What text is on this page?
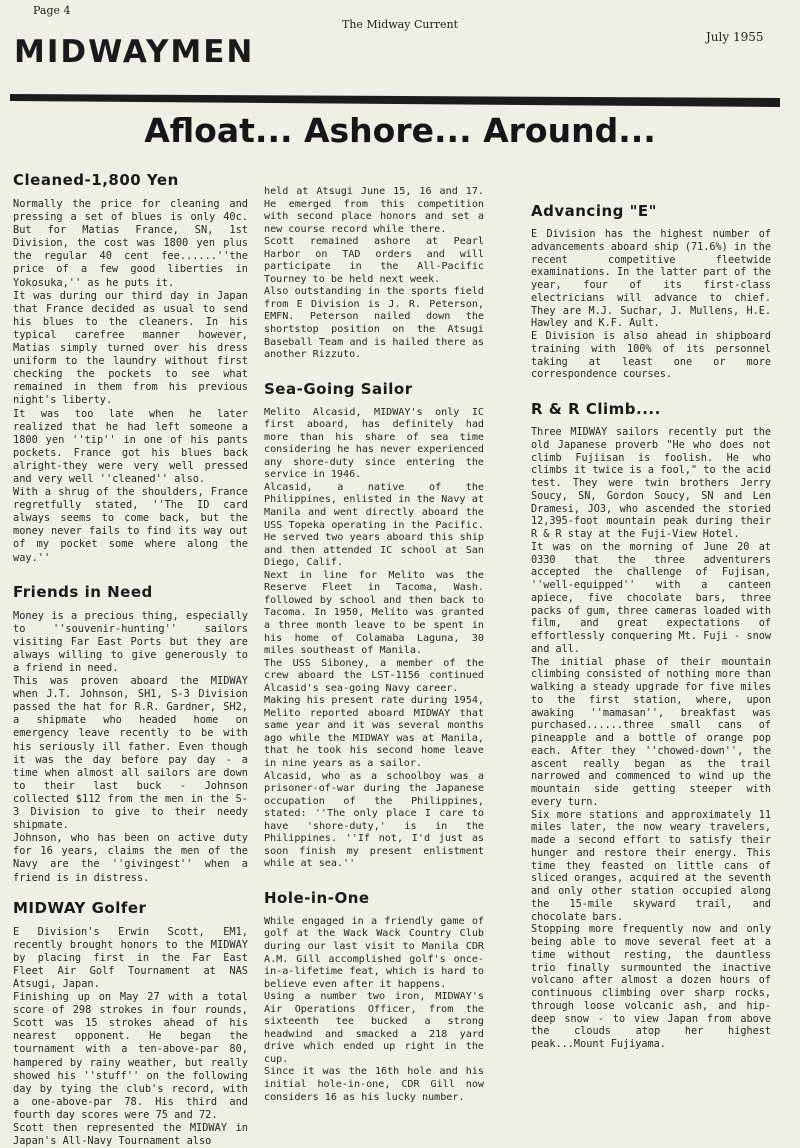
Page 4
The Midway Current
July 1955
MIDWAYMEN
Afloat... Ashore... Around...
Cleaned-1,800 Yen

Normally the price for cleaning and pressing a set of blues is only 40c. But for Matias France, SN, 1st Division, the cost was 1800 yen plus the regular 40 cent fee......''the price of a few good liberties in Yokosuka,'' as he puts it.
It was during our third day in Japan that France decided as usual to send his blues to the cleaners. In his typical carefree manner however, Matias simply turned over his dress uniform to the laundry without first checking the pockets to see what remained in them from his previous night's liberty.
It was too late when he later realized that he had left someone a 1800 yen ''tip'' in one of his pants pockets. France got his blues back alright-they were very well pressed and very well ''cleaned'' also.
With a shrug of the shoulders, France regretfully stated, ''The ID card always seems to come back, but the money never fails to find its way out of my pocket some where along the way.''

Friends in Need

Money is a precious thing, especially to ''souvenir-hunting'' sailors visiting Far East Ports but they are always willing to give generously to a friend in need.
This was proven aboard the MIDWAY when J.T. Johnson, SH1, S-3 Division passed the hat for R.R. Gardner, SH2, a shipmate who headed home on emergency leave recently to be with his seriously ill father. Even though it was the day before pay day - a time when almost all sailors are down to their last buck - Johnson collected $112 from the men in the S-3 Division to give to their needy shipmate.
Johnson, who has been on active duty for 16 years, claims the men of the Navy are the ''givingest'' when a friend is in distress.

MIDWAY Golfer

E Division's Erwin Scott, EM1, recently brought honors to the MIDWAY by placing first in the Far East Fleet Air Golf Tournament at NAS Atsugi, Japan.
Finishing up on May 27 with a total score of 298 strokes in four rounds, Scott was 15 strokes ahead of his nearest opponent. He began the tournament with a ten-above-par 80, hampered by rainy weather, but really showed his ''stuff'' on the following day by tying the club's record, with a one-above-par 78. His third and fourth day scores were 75 and 72.
Scott then represented the MIDWAY in Japan's All-Navy Tournament also

held at Atsugi June 15, 16 and 17. He emerged from this competition with second place honors and set a new course record while there.
Scott remained ashore at Pearl Harbor on TAD orders and will participate in the All-Pacific Tourney to be held next week.
Also outstanding in the sports field from E Division is J. R. Peterson, EMFN. Peterson nailed down the shortstop position on the Atsugi Baseball Team and is hailed there as another Rizzuto.

Sea-Going Sailor

Melito Alcasid, MIDWAY's only IC first aboard, has definitely had more than his share of sea time considering he has never experienced any shore-duty since entering the service in 1946.
Alcasid, a native of the Philippines, enlisted in the Navy at Manila and went directly aboard the USS Topeka operating in the Pacific. He served two years aboard this ship and then attended IC school at San Diego, Calif.
Next in line for Melito was the Reserve Fleet in Tacoma, Wash. followed by school and then back to Tacoma. In 1950, Melito was granted a three month leave to be spent in his home of Colamaba Laguna, 30 miles southeast of Manila.
The USS Siboney, a member of the crew aboard the LST-1156 continued Alcasid's sea-going Navy career.
Making his present rate during 1954, Melito reported aboard MIDWAY that same year and it was several months ago while the MIDWAY was at Manila, that he took his second home leave in nine years as a sailor.
Alcasid, who as a schoolboy was a prisoner-of-war during the Japanese occupation of the Philippines, stated: ''The only place I care to have 'shore-duty,' is in the Philippines. ''If not, I'd just as soon finish my present enlistment while at sea.''

Hole-in-One

While engaged in a friendly game of golf at the Wack Wack Country Club during our last visit to Manila CDR A.M. Gill accomplished golf's once-in-a-lifetime feat, which is hard to believe even after it happens.
Using a number two iron, MIDWAY's Air Operations Officer, from the sixteenth tee bucked a strong headwind and smacked a 218 yard drive which ended up right in the cup.
Since it was the 16th hole and his initial hole-in-one, CDR Gill now considers 16 as his lucky number.

Advancing "E"

E Division has the highest number of advancements aboard ship (71.6%) in the recent competitive fleetwide examinations. In the latter part of the year, four of its first-class electricians will advance to chief. They are M.J. Suchar, J. Mullens, H.E. Hawley and K.F. Ault.
E Division is also ahead in shipboard training with 100% of its personnel taking at least one or more correspondence courses.

R & R Climb....

Three MIDWAY sailors recently put the old Japanese proverb "He who does not climb Fujiisan is foolish. He who climbs it twice is a fool," to the acid test. They were twin brothers Jerry Soucy, SN, Gordon Soucy, SN and Len Dramesi, JO3, who ascended the storied 12,395-foot mountain peak during their R & R stay at the Fuji-View Hotel.
It was on the morning of June 20 at 0330 that the three adventurers accepted the challenge of Fujisan, ''well-equipped'' with a canteen apiece, five chocolate bars, three packs of gum, three cameras loaded with film, and great expectations of effortlessly conquering Mt. Fuji - snow and all.
The initial phase of their mountain climbing consisted of nothing more than walking a steady upgrade for five miles to the first station, where, upon awaking ''mamasan'', breakfast was purchased......three small cans of pineapple and a bottle of orange pop each. After they ''chowed-down'', the ascent really began as the trail narrowed and commenced to wind up the mountain side getting steeper with every turn.
Six more stations and approximately 11 miles later, the now weary travelers, made a second effort to satisfy their hunger and restore their energy. This time they feasted on little cans of sliced oranges, acquired at the seventh and only other station occupied along the 15-mile skyward trail, and chocolate bars.
Stopping more frequently now and only being able to move several feet at a time without resting, the dauntless trio finally surmounted the inactive volcano after almost a dozen hours of continuous climbing over sharp rocks, through loose volcanic ash, and hip-deep snow - to view Japan from above the clouds atop her highest peak...Mount Fujiyama.
